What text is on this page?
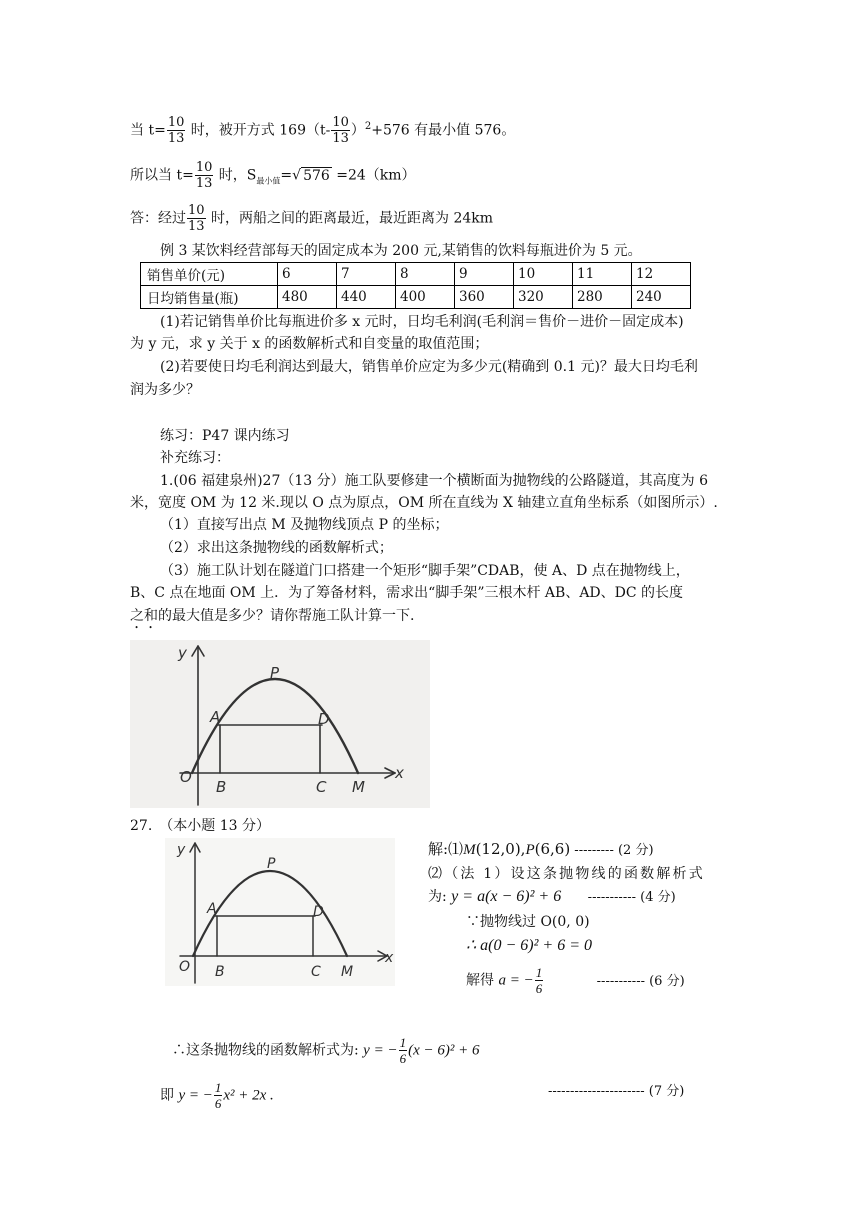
当 $t= \frac{10}{13}$ 时，被开方式 $169(t- \frac{10}{13} )^2+576$ 有最小值 576。
所以当 $t= \frac{10}{13}$ 时，$S_{最小值}=√$ 576 =24（km）
答：经过 $\frac{10}{13}$ 时，两船之间的距离最近，最近距离为 24km
例 3 某饮料经营部每天的固定成本为 200 元,某销售的饮料每瓶进价为 5 元。
销售单价(元)	6	7	8	9	10	11	12
日均销售量(瓶)	480	440	400	360	320	280	240
(1)若记销售单价比每瓶进价多 x 元时，日均毛利润(毛利润＝售价－进价－固定成本)
为 y 元，求 y 关于 x 的函数解析式和自变量的取值范围；
(2)若要使日均毛利润达到最大，销售单价应定为多少元(精确到 0.1 元)？最大日均毛利
润为多少？
练习：P47 课内练习
补充练习：
1.(06 福建泉州)27（13 分）施工队要修建一个横断面为抛物线的公路隧道，其高度为 6
米，宽度 OM 为 12 米.现以 O 点为原点，OM 所在直线为 X 轴建立直角坐标系（如图所示）.
（1）直接写出点 M 及抛物线顶点 P 的坐标；
（2）求出这条抛物线的函数解析式；
（3）施工队计划在隧道门口搭建一个矩形“脚手架”CDAB，使 A、D 点在抛物线上，
B、C 点在地面 OM 上．为了筹备材料，需求出“脚手架”三根木杆 AB、AD、DC 的长度
之和的最大值是多少？请你帮施工队计算一下.
y
x
O
P
A	D
B	C M
27.　（本小题 13 分）
y
x
O
P
A	D
B	C M
解:⑴M(12,0),P(6,6) --------- (2 分)
⑵（法 1）设这条抛物线的函数解析式
为: y = a(x − 6)² + 6 ----------- (4 分)
∵抛物线过 O(0, 0)
∴ a(0 − 6)² + 6 = 0
解得 a = − $\frac{1}{6}$	----------- (6 分)
∴这条抛物线的函数解析式为: y = − $\frac{1}{6} (x - 6)^2 + 6$
即 y = − $\frac{1}{6} x^2 + 2x$ .	---------------------- (7 分)
